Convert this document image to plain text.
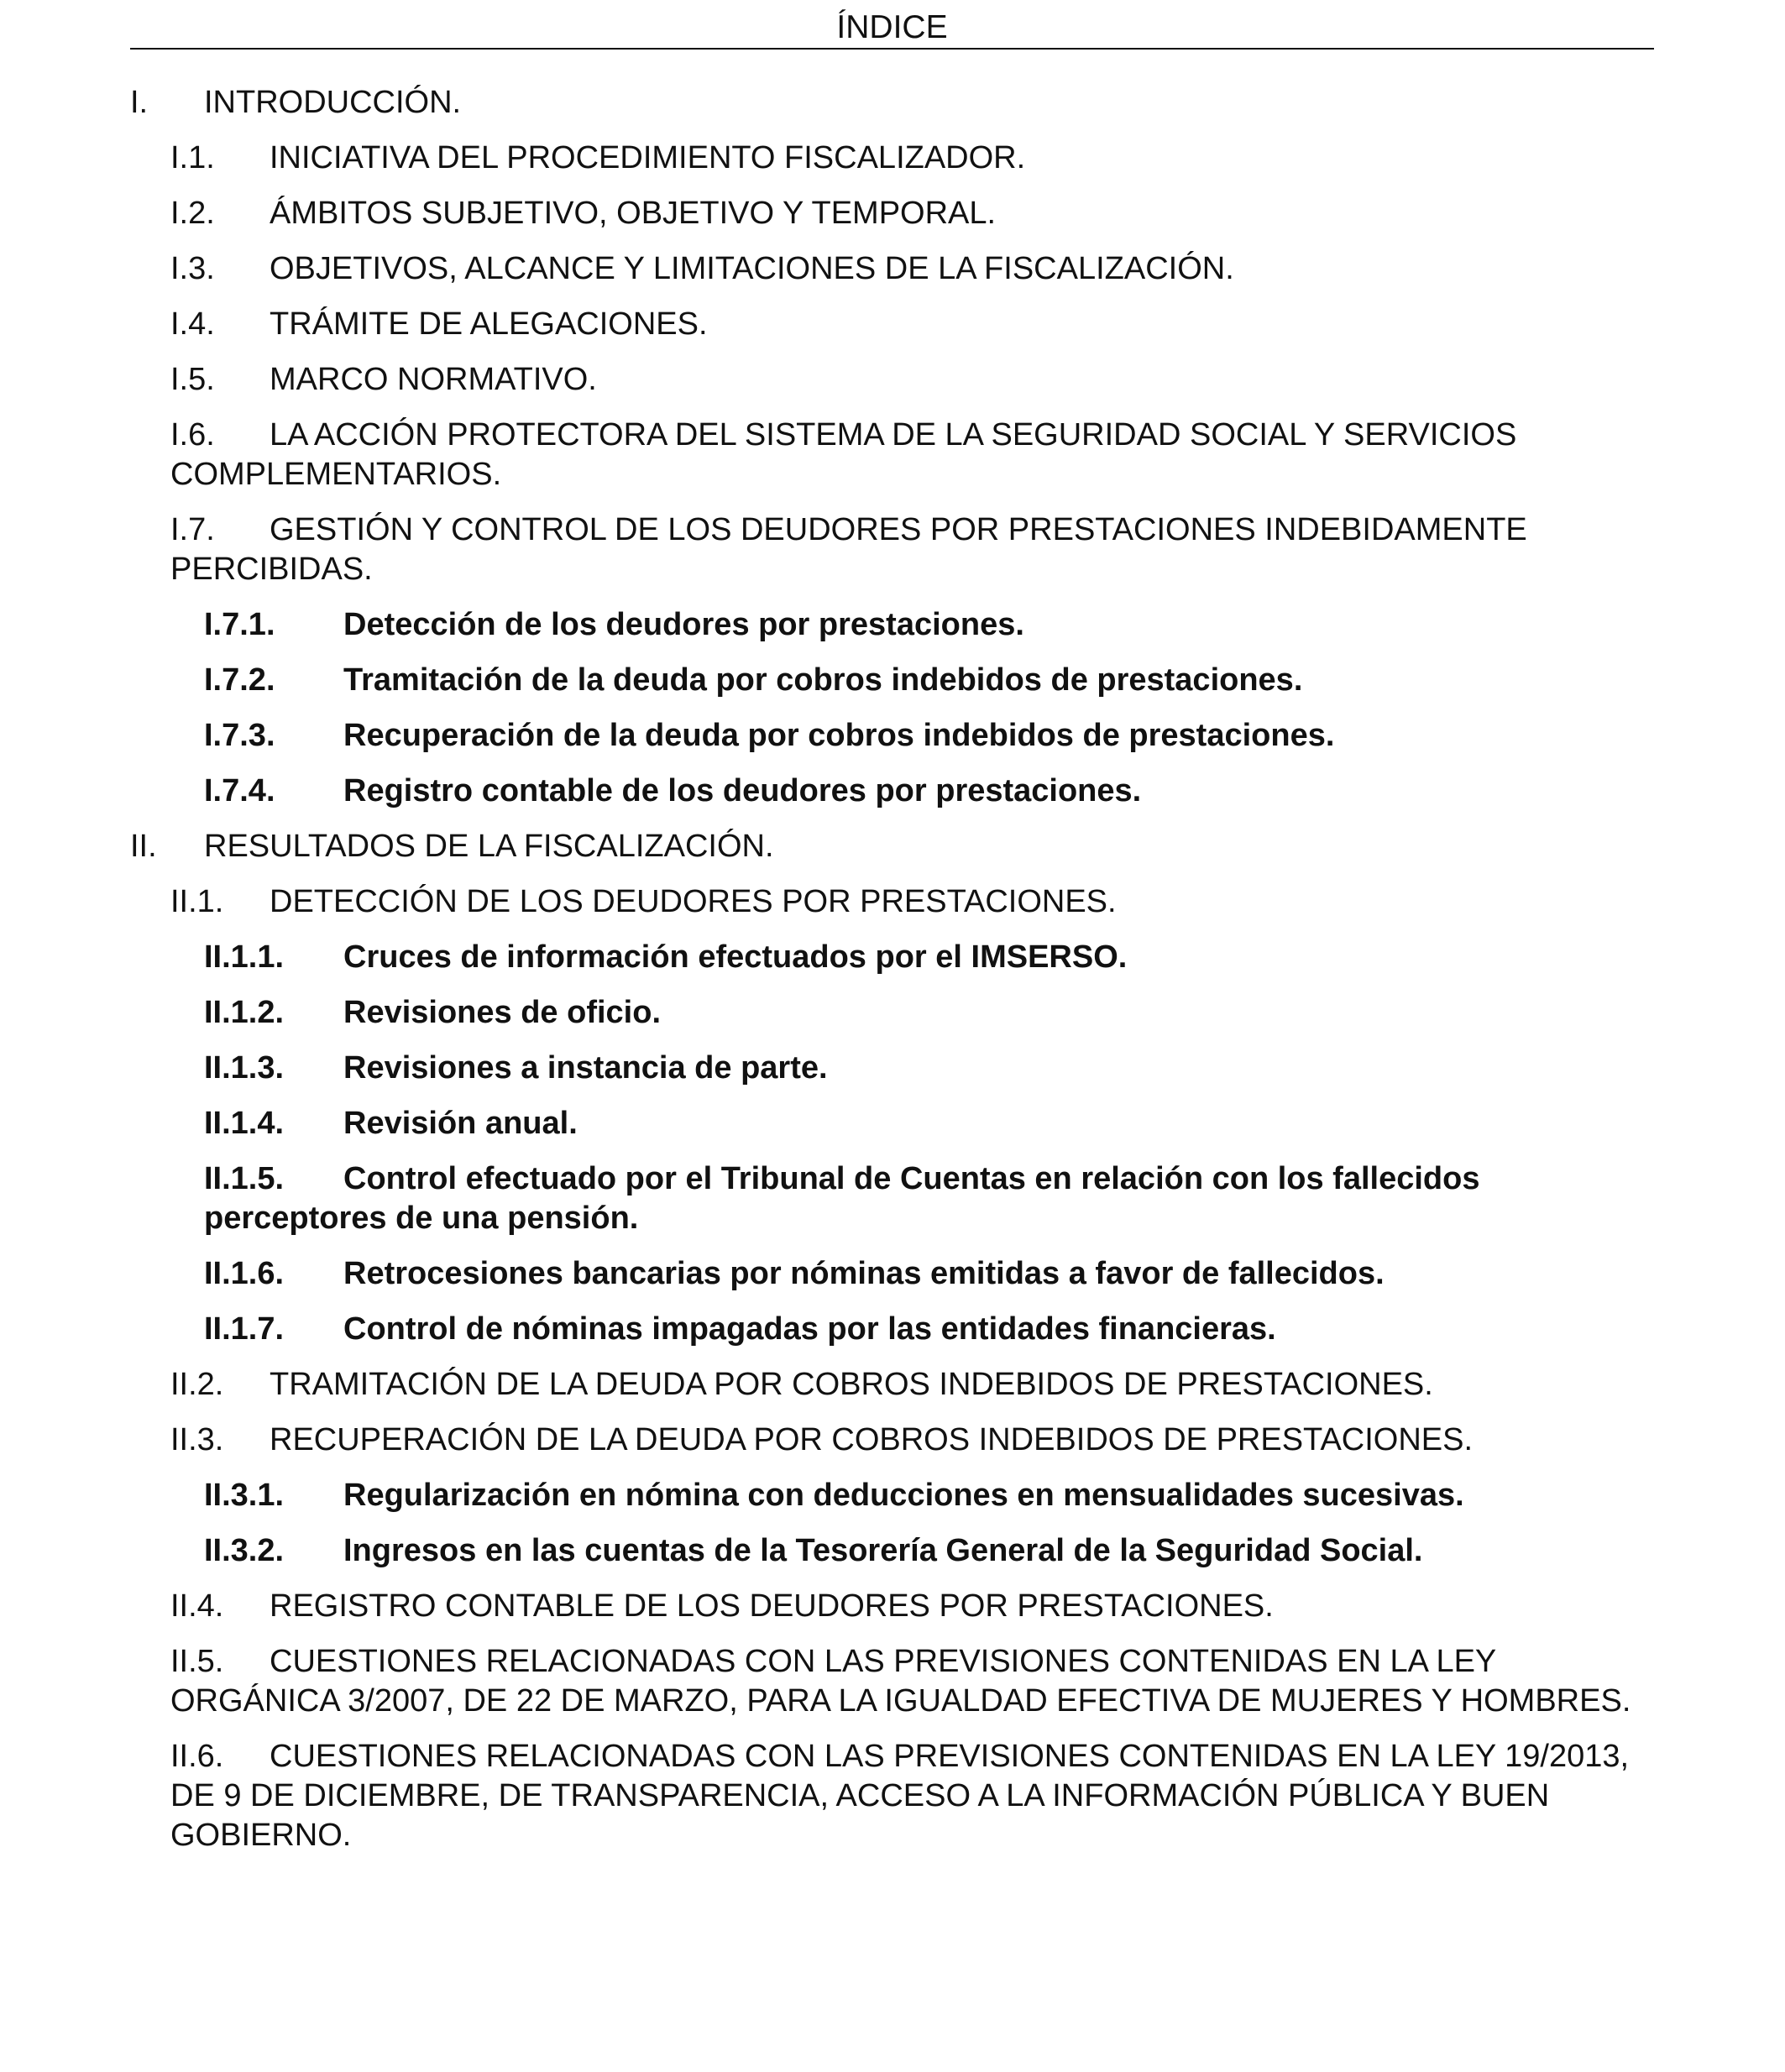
ÍNDICE
I. INTRODUCCIÓN.
I.1. INICIATIVA DEL PROCEDIMIENTO FISCALIZADOR.
I.2. ÁMBITOS SUBJETIVO, OBJETIVO Y TEMPORAL.
I.3. OBJETIVOS, ALCANCE Y LIMITACIONES DE LA FISCALIZACIÓN.
I.4. TRÁMITE DE ALEGACIONES.
I.5. MARCO NORMATIVO.
I.6. LA ACCIÓN PROTECTORA DEL SISTEMA DE LA SEGURIDAD SOCIAL Y SERVICIOS COMPLEMENTARIOS.
I.7. GESTIÓN Y CONTROL DE LOS DEUDORES POR PRESTACIONES INDEBIDAMENTE PERCIBIDAS.
I.7.1. Detección de los deudores por prestaciones.
I.7.2. Tramitación de la deuda por cobros indebidos de prestaciones.
I.7.3. Recuperación de la deuda por cobros indebidos de prestaciones.
I.7.4. Registro contable de los deudores por prestaciones.
II. RESULTADOS DE LA FISCALIZACIÓN.
II.1. DETECCIÓN DE LOS DEUDORES POR PRESTACIONES.
II.1.1. Cruces de información efectuados por el IMSERSO.
II.1.2. Revisiones de oficio.
II.1.3. Revisiones a instancia de parte.
II.1.4. Revisión anual.
II.1.5. Control efectuado por el Tribunal de Cuentas en relación con los fallecidos perceptores de una pensión.
II.1.6. Retrocesiones bancarias por nóminas emitidas a favor de fallecidos.
II.1.7. Control de nóminas impagadas por las entidades financieras.
II.2. TRAMITACIÓN DE LA DEUDA POR COBROS INDEBIDOS DE PRESTACIONES.
II.3. RECUPERACIÓN DE LA DEUDA POR COBROS INDEBIDOS DE PRESTACIONES.
II.3.1. Regularización en nómina con deducciones en mensualidades sucesivas.
II.3.2. Ingresos en las cuentas de la Tesorería General de la Seguridad Social.
II.4. REGISTRO CONTABLE DE LOS DEUDORES POR PRESTACIONES.
II.5. CUESTIONES RELACIONADAS CON LAS PREVISIONES CONTENIDAS EN LA LEY ORGÁNICA 3/2007, DE 22 DE MARZO, PARA LA IGUALDAD EFECTIVA DE MUJERES Y HOMBRES.
II.6. CUESTIONES RELACIONADAS CON LAS PREVISIONES CONTENIDAS EN LA LEY 19/2013, DE 9 DE DICIEMBRE, DE TRANSPARENCIA, ACCESO A LA INFORMACIÓN PÚBLICA Y BUEN GOBIERNO.
